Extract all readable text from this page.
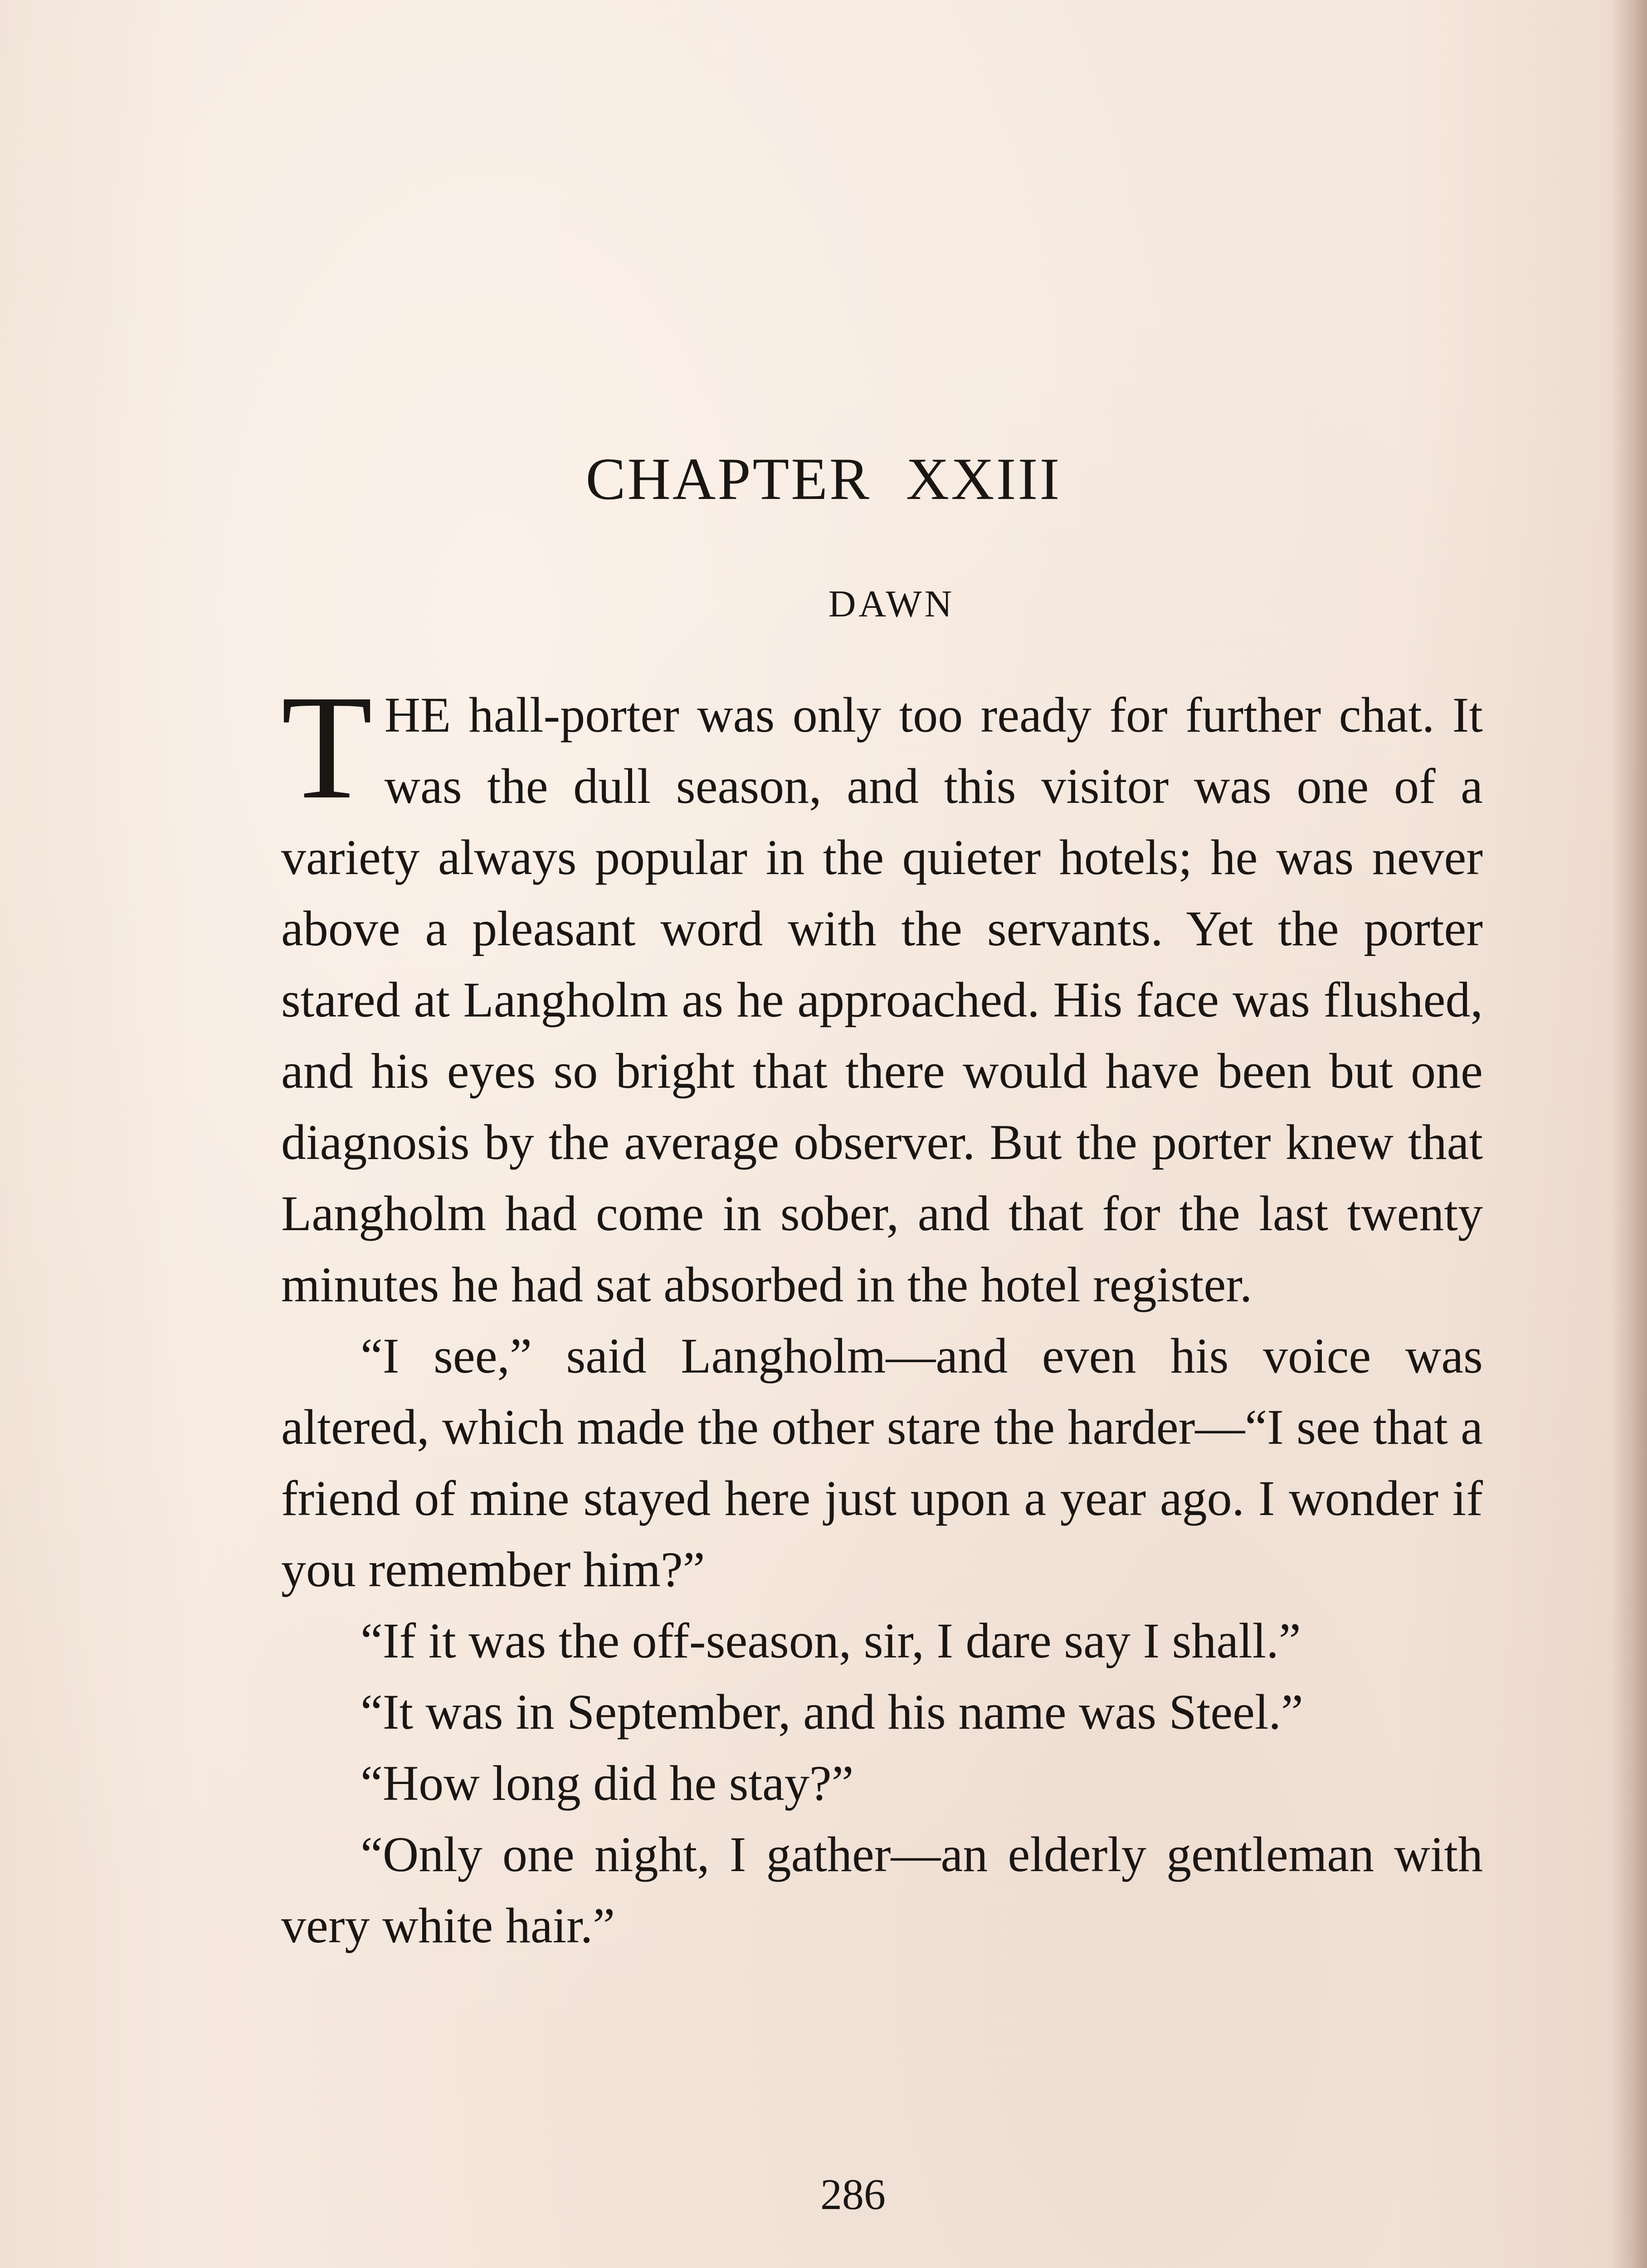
CHAPTER XXIII
DAWN

THE hall-porter was only too ready for further chat. It was the dull season, and this visitor was one of a variety always popular in the quieter hotels; he was never above a pleasant word with the servants. Yet the porter stared at Langholm as he approached. His face was flushed, and his eyes so bright that there would have been but one diagnosis by the average observer. But the porter knew that Langholm had come in sober, and that for the last twenty minutes he had sat absorbed in the hotel register.

“I see,” said Langholm—and even his voice was altered, which made the other stare the harder—“I see that a friend of mine stayed here just upon a year ago. I wonder if you remember him?”

“If it was the off-season, sir, I dare say I shall.”

“It was in September, and his name was Steel.”

“How long did he stay?”

“Only one night, I gather—an elderly gentleman with very white hair.”

286
